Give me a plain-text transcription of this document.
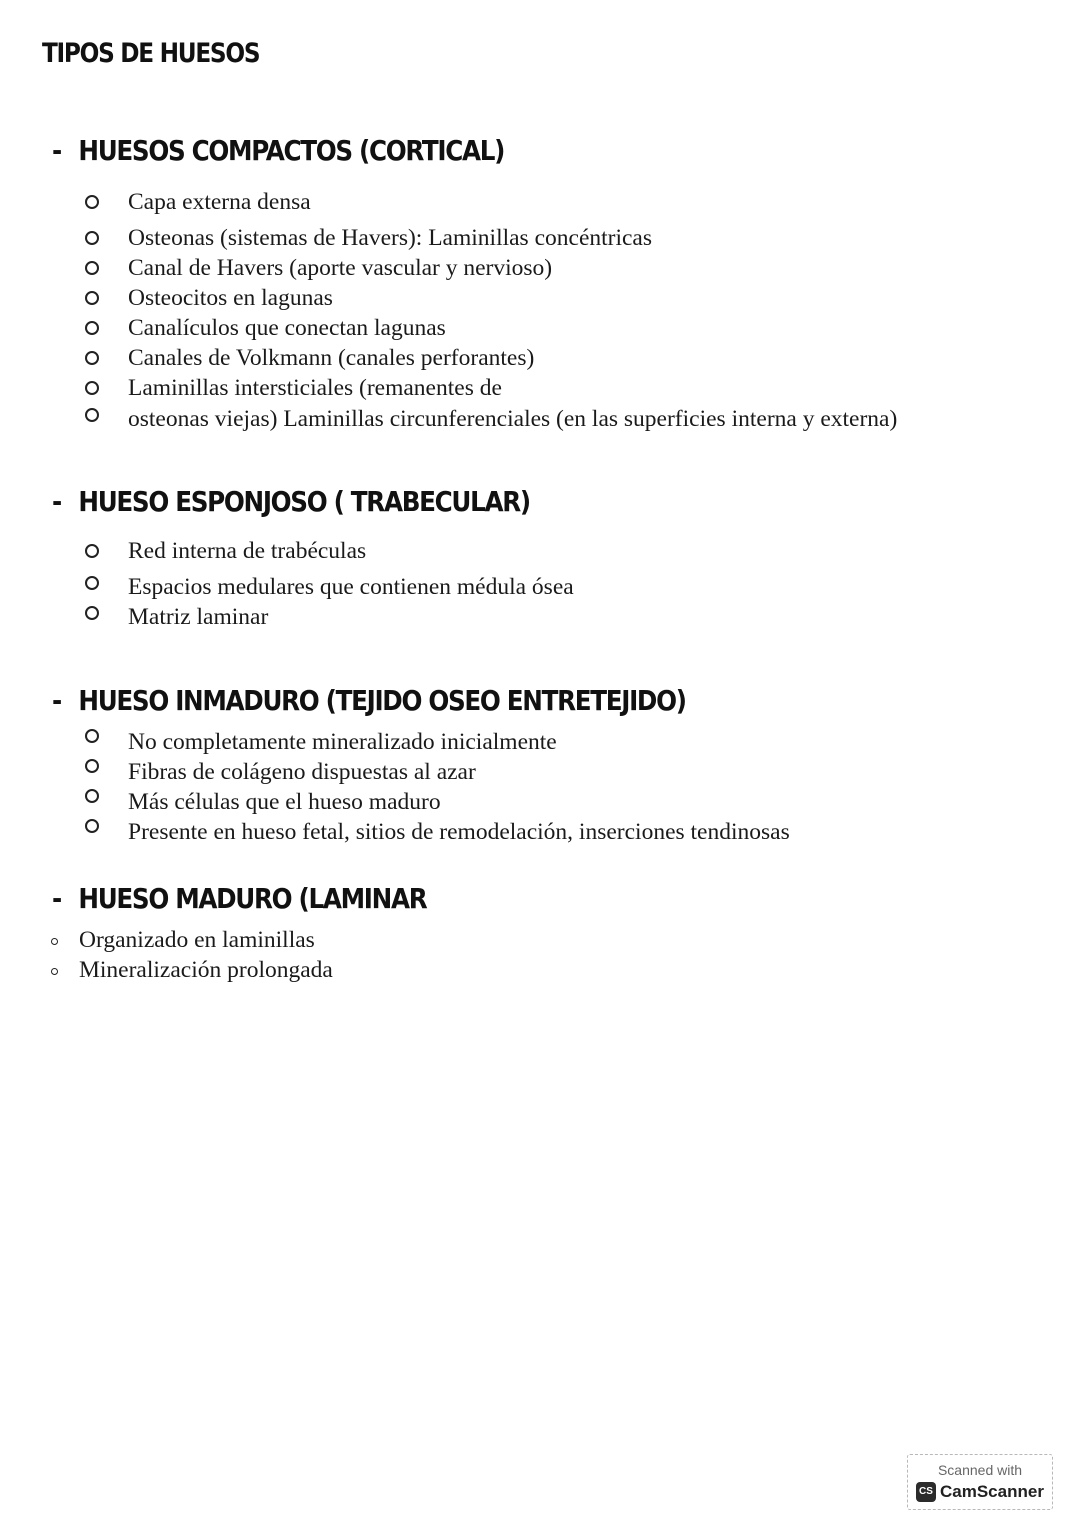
TIPOS DE HUESOS
- HUESOS COMPACTOS (CORTICAL)
Capa externa densa
Osteonas (sistemas de Havers): Laminillas concéntricas
Canal de Havers (aporte vascular y nervioso)
Osteocitos en lagunas
Canalículos que conectan lagunas
Canales de Volkmann (canales perforantes)
Laminillas intersticiales (remanentes de
osteonas viejas) Laminillas circunferenciales (en las superficies interna y externa)
- HUESO ESPONJOSO ( TRABECULAR)
Red interna de trabéculas
Espacios medulares que contienen médula ósea
Matriz laminar
- HUESO INMADURO (TEJIDO OSEO ENTRETEJIDO)
No completamente mineralizado inicialmente
Fibras de colágeno dispuestas al azar
Más células que el hueso maduro
Presente en hueso fetal, sitios de remodelación, inserciones tendinosas
- HUESO MADURO (LAMINAR
Organizado en laminillas
Mineralización prolongada
Scanned with
CS CamScanner
